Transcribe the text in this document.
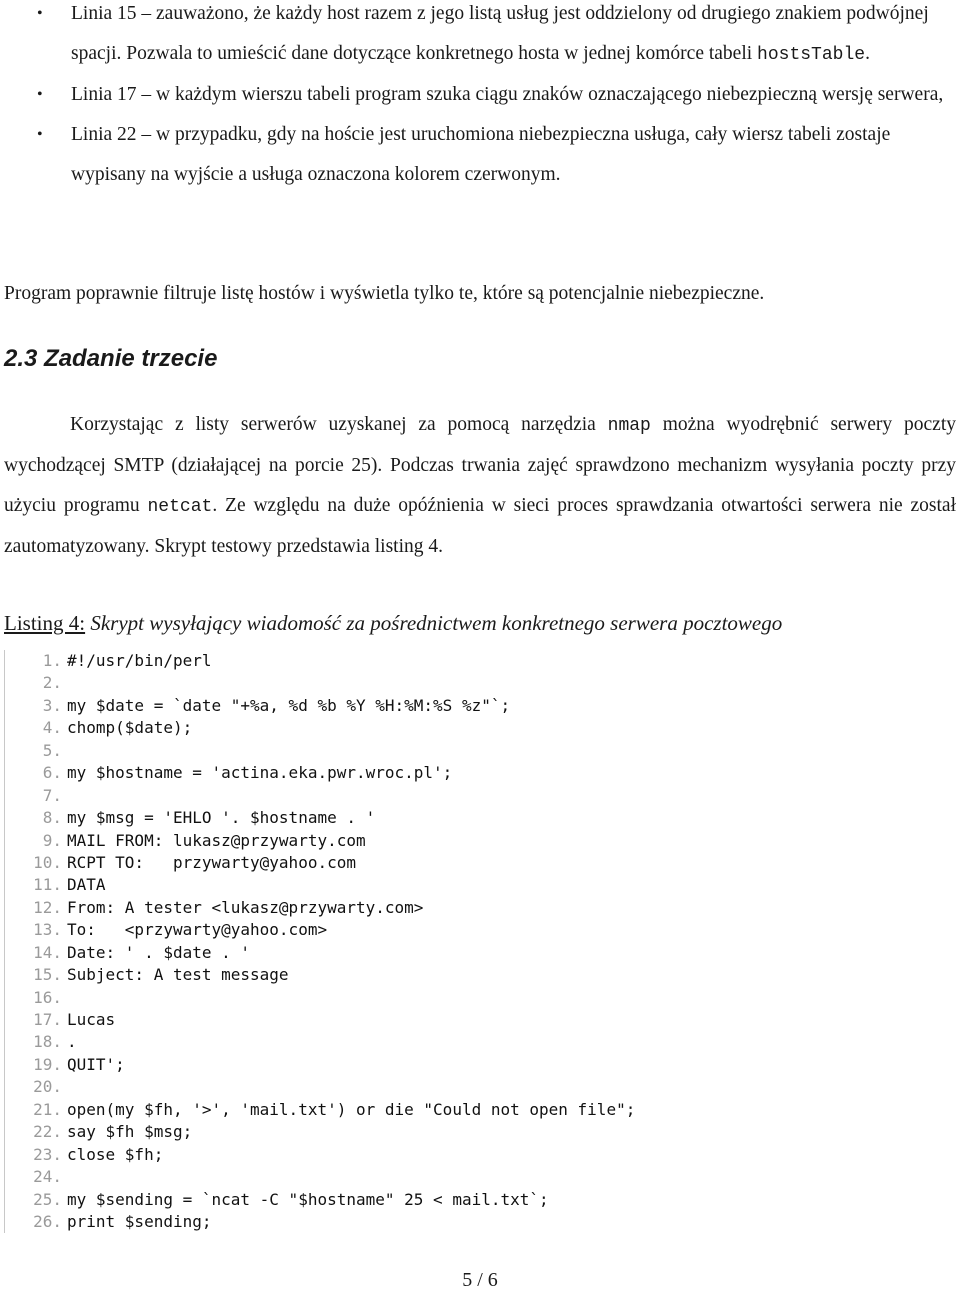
• Linia 15 – zauważono, że każdy host razem z jego listą usług jest oddzielony od drugiego znakiem podwójnej spacji. Pozwala to umieścić dane dotyczące konkretnego hosta w jednej komórce tabeli hostsTable.
• Linia 17 – w każdym wierszu tabeli program szuka ciągu znaków oznaczającego niebezpieczną wersję serwera,
• Linia 22 – w przypadku, gdy na hoście jest uruchomiona niebezpieczna usługa, cały wiersz tabeli zostaje wypisany na wyjście a usługa oznaczona kolorem czerwonym.

Program poprawnie filtruje listę hostów i wyświetla tylko te, które są potencjalnie niebezpieczne.

2.3 Zadanie trzecie

Korzystając z listy serwerów uzyskanej za pomocą narzędzia nmap można wyodrębnić serwery poczty wychodzącej SMTP (działającej na porcie 25). Podczas trwania zajęć sprawdzono mechanizm wysyłania poczty przy użyciu programu netcat. Ze względu na duże opóźnienia w sieci proces sprawdzania otwartości serwera nie został zautomatyzowany. Skrypt testowy przedstawia listing 4.

Listing 4: Skrypt wysyłający wiadomość za pośrednictwem konkretnego serwera pocztowego
1. #!/usr/bin/perl
2.
3. my $date = `date "+%a, %d %b %Y %H:%M:%S %z"`;
4. chomp($date);
5.
6. my $hostname = 'actina.eka.pwr.wroc.pl';
7.
8. my $msg = 'EHLO '. $hostname . '
9. MAIL FROM: lukasz@przywarty.com
10. RCPT TO:   przywarty@yahoo.com
11. DATA
12. From: A tester <lukasz@przywarty.com>
13. To:   <przywarty@yahoo.com>
14. Date: ' . $date . '
15. Subject: A test message
16.
17. Lucas
18. .
19. QUIT';
20.
21. open(my $fh, '>', 'mail.txt') or die "Could not open file";
22. say $fh $msg;
23. close $fh;
24.
25. my $sending = `ncat -C "$hostname" 25 < mail.txt`;
26. print $sending;
5 / 6
